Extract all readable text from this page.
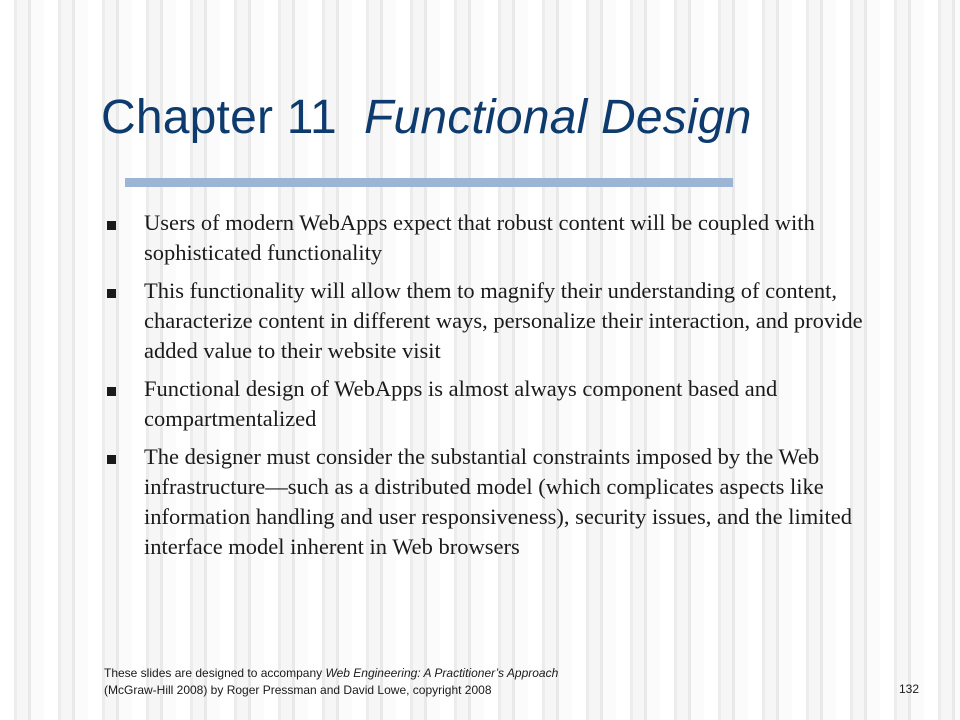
Chapter 11 Functional Design
Users of modern WebApps expect that robust content will be coupled with sophisticated functionality
This functionality will allow them to magnify their understanding of content, characterize content in different ways, personalize their interaction, and provide added value to their website visit
Functional design of WebApps is almost always component based and compartmentalized
The designer must consider the substantial constraints imposed by the Web infrastructure—such as a distributed model (which complicates aspects like information handling and user responsiveness), security issues, and the limited interface model inherent in Web browsers
These slides are designed to accompany Web Engineering: A Practitioner’s Approach
(McGraw-Hill 2008) by Roger Pressman and David Lowe, copyright 2008	132
